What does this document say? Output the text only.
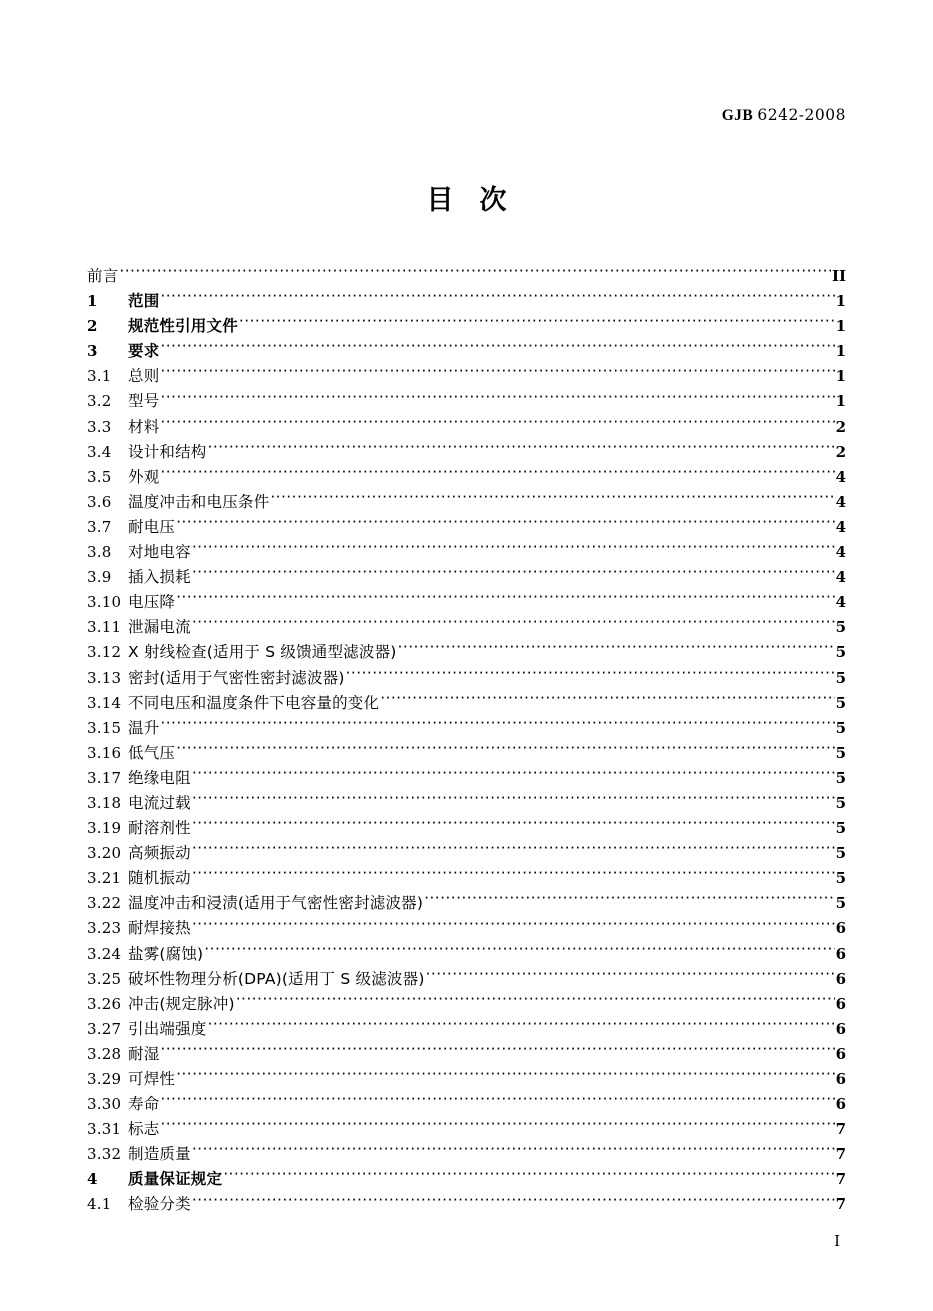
GJB 6242-2008
目次
前言 ·····	II
1	范围 ·····	1
2	规范性引用文件 ·····	1
3	要求 ·····	1
3.1	总则 ·····	1
3.2	型号 ·····	1
3.3	材料 ·····	2
3.4	设计和结构 ·····	2
3.5	外观 ·····	4
3.6	温度冲击和电压条件 ·····	4
3.7	耐电压 ·····	4
3.8	对地电容 ·····	4
3.9	插入损耗 ·····	4
3.10 电压降 ·····	4
3.11 泄漏电流 ·····	5
3.12 X 射线检查(适用于 S 级馈通型滤波器) ·····	5
3.13 密封(适用于气密性密封滤波器) ·····	5
3.14 不同电压和温度条件下电容量的变化 ·····	5
3.15 温升 ·····	5
3.16 低气压 ·····	5
3.17 绝缘电阻 ·····	5
3.18 电流过载 ·····	5
3.19 耐溶剂性 ·····	5
3.20 高频振动 ·····	5
3.21 随机振动 ·····	5
3.22 温度冲击和浸渍(适用于气密性密封滤波器) ·····	5
3.23 耐焊接热 ·····	6
3.24 盐雾(腐蚀) ·····	6
3.25 破坏性物理分析(DPA)(适用丁 S 级滤波器) ·····	6
3.26 冲击(规定脉冲) ·····	6
3.27 引出端强度 ·····	6
3.28 耐湿 ·····	6
3.29 可焊性 ·····	6
3.30 寿命 ·····	6
3.31 标志 ·····	7
3.32 制造质量 ·····	7
4	质量保证规定 ·····	7
4.1	检验分类 ·····	7
I
